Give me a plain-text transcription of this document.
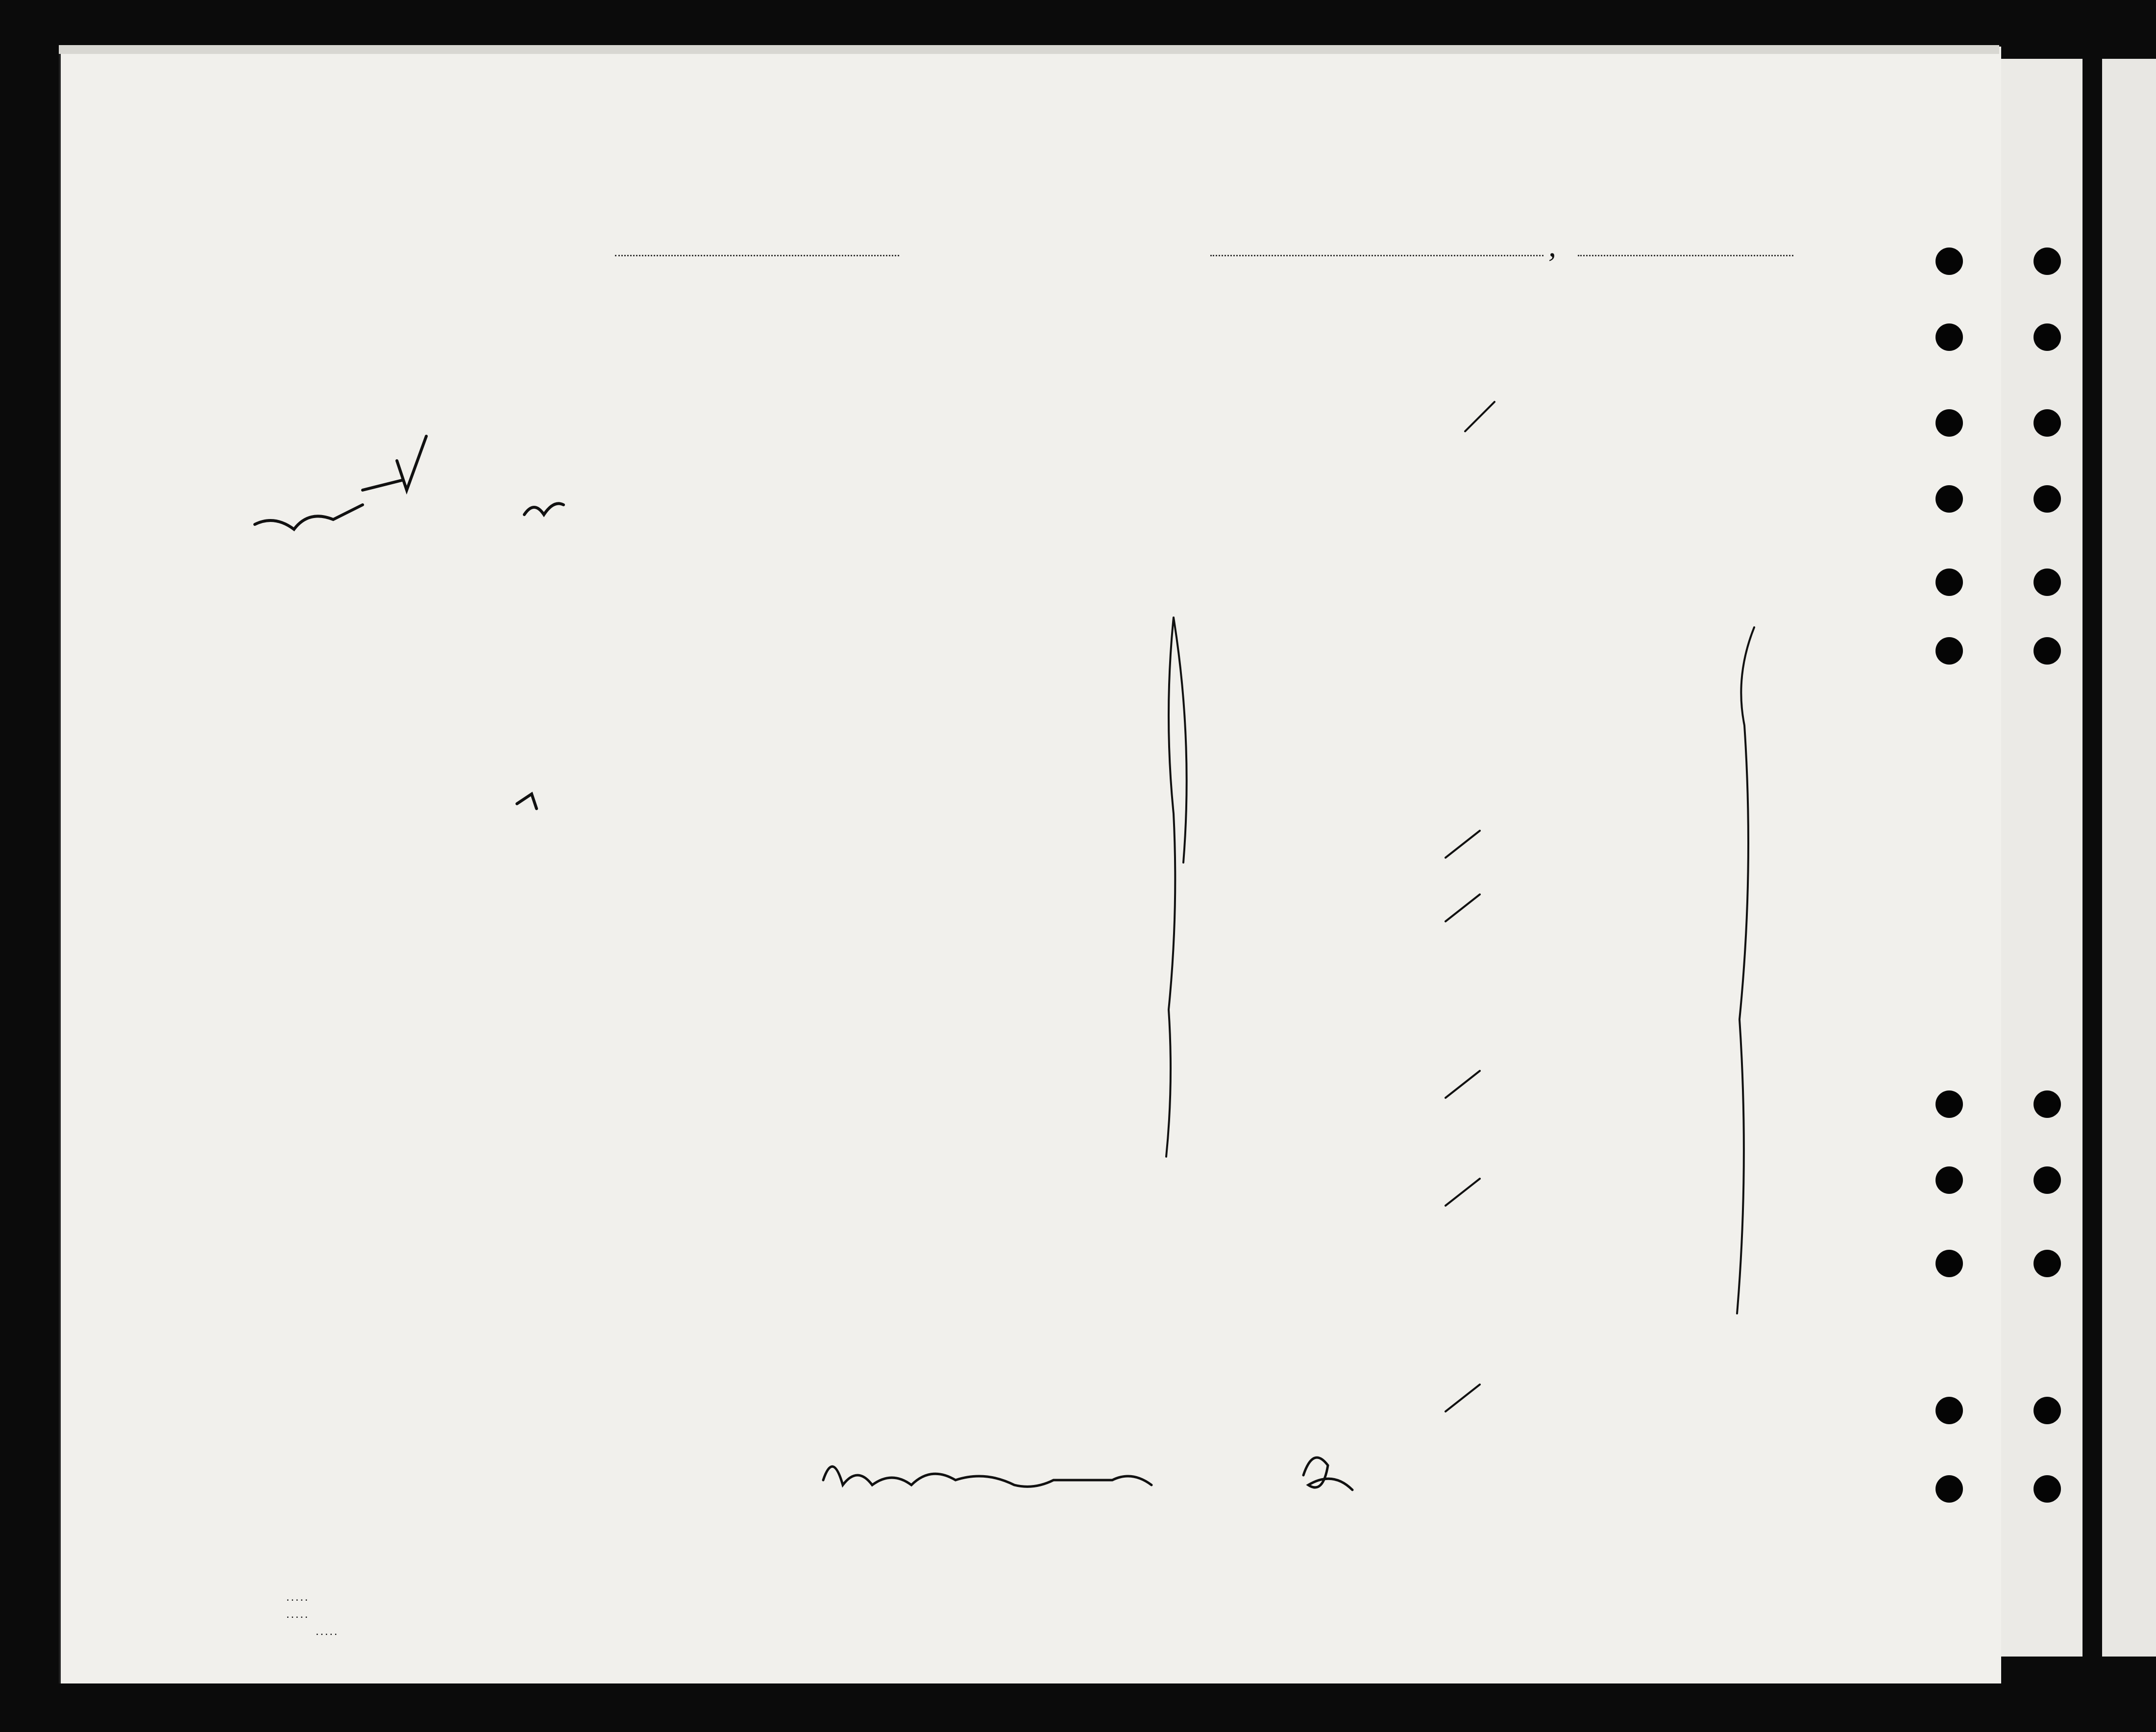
,
. . . . .
. . . . .
. . . . .
